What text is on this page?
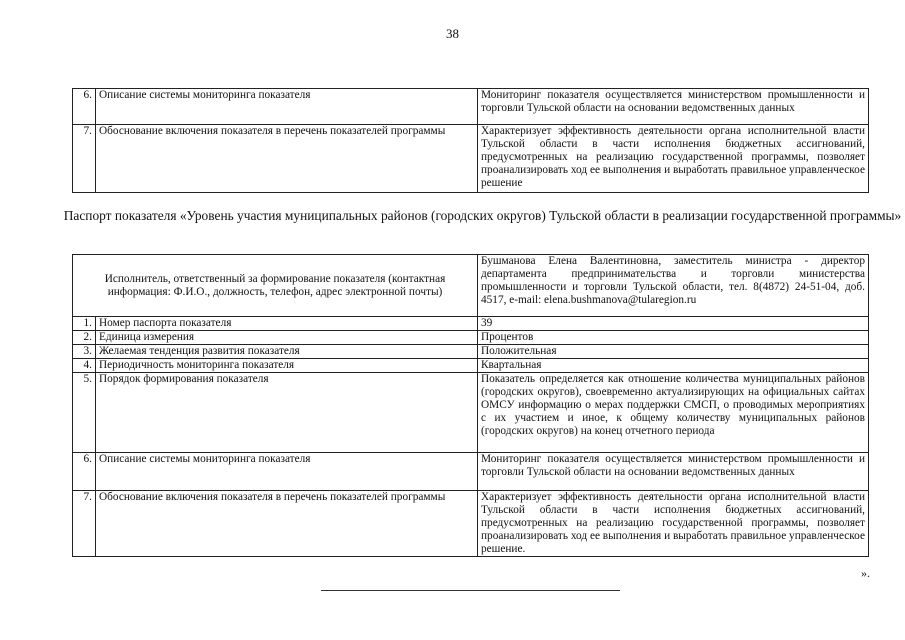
38
6.	Описание системы мониторинга показателя	Мониторинг показателя осуществляется министерством промышленности и торговли Тульской области на основании ведомственных данных
7.	Обоснование включения показателя в перечень показателей программы	Характеризует эффективность деятельности органа исполнительной власти Тульской области в части исполнения бюджетных ассигнований, предусмотренных на реализацию государственной программы, позволяет проанализировать ход ее выполнения и выработать правильное управленческое решение
Паспорт показателя «Уровень участия муниципальных районов (городских округов) Тульской области в реализации государственной программы»
Исполнитель, ответственный за формирование показателя (контактная информация: Ф.И.О., должность, телефон, адрес электронной почты)		Бушманова Елена Валентиновна, заместитель министра - директор департамента предпринимательства и торговли министерства промышленности и торговли Тульской области, тел. 8(4872) 24-51-04, доб. 4517, e-mail: elena.bushmanova@tularegion.ru
1.	Номер паспорта показателя	39
2.	Единица измерения	Процентов
3.	Желаемая тенденция развития показателя	Положительная
4.	Периодичность мониторинга показателя	Квартальная
5.	Порядок формирования показателя	Показатель определяется как отношение количества муниципальных районов (городских округов), своевременно актуализирующих на официальных сайтах ОМСУ информацию о мерах поддержки СМСП, о проводимых мероприятиях с их участием и иное, к общему количеству муниципальных районов (городских округов) на конец отчетного периода
6.	Описание системы мониторинга показателя	Мониторинг показателя осуществляется министерством промышленности и торговли Тульской области на основании ведомственных данных
7.	Обоснование включения показателя в перечень показателей программы	Характеризует эффективность деятельности органа исполнительной власти Тульской области в части исполнения бюджетных ассигнований, предусмотренных на реализацию государственной программы, позволяет проанализировать ход ее выполнения и выработать правильное управленческое решение.
».
